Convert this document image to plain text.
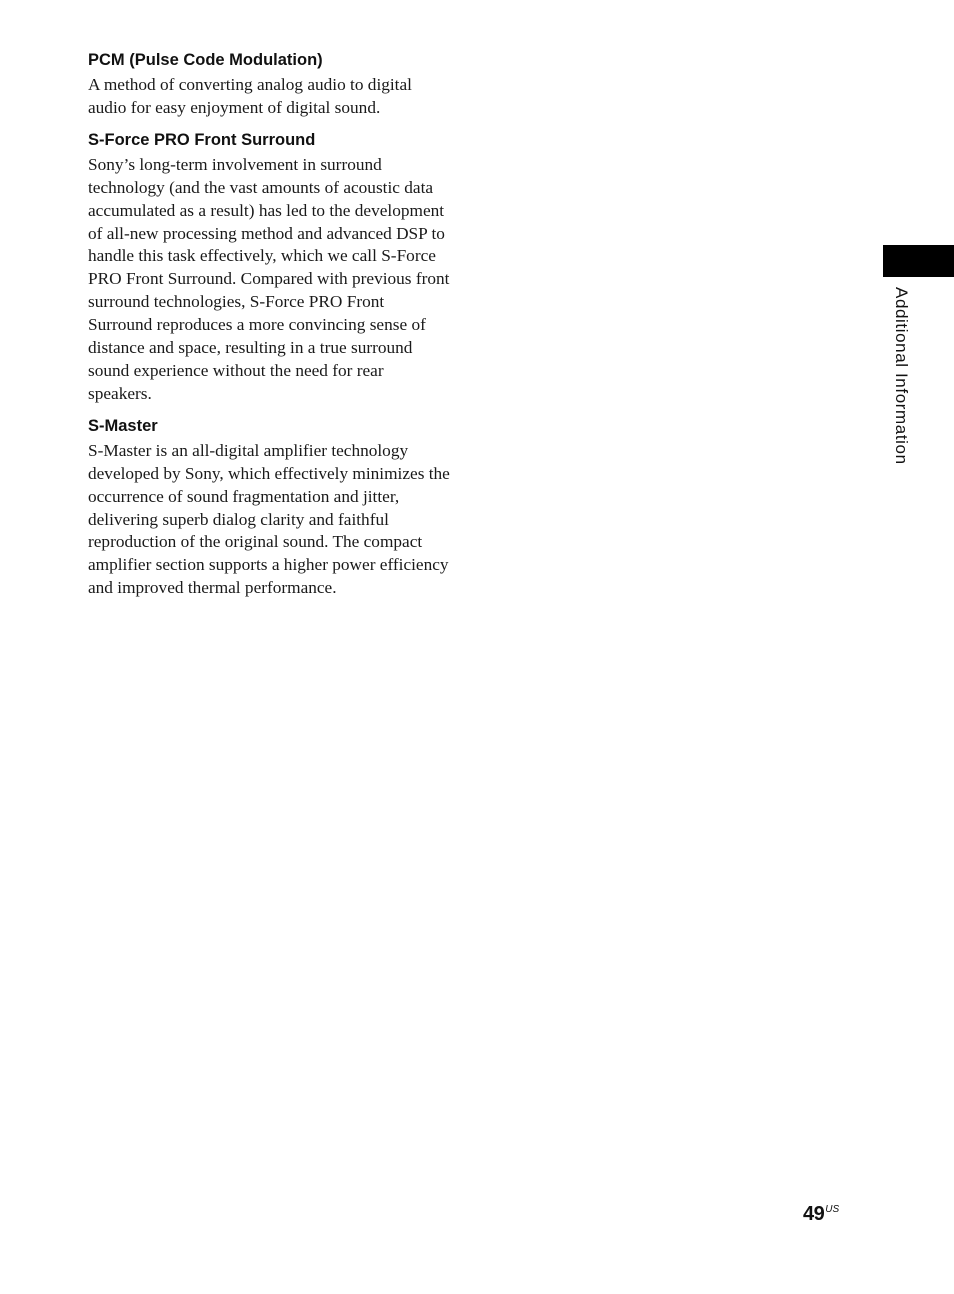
PCM (Pulse Code Modulation)

A method of converting analog audio to digital audio for easy enjoyment of digital sound.

S-Force PRO Front Surround

Sony’s long-term involvement in surround technology (and the vast amounts of acoustic data accumulated as a result) has led to the development of all-new processing method and advanced DSP to handle this task effectively, which we call S-Force PRO Front Surround. Compared with previous front surround technologies, S-Force PRO Front Surround reproduces a more convincing sense of distance and space, resulting in a true surround sound experience without the need for rear speakers.

S-Master

S-Master is an all-digital amplifier technology developed by Sony, which effectively minimizes the occurrence of sound fragmentation and jitter, delivering superb dialog clarity and faithful reproduction of the original sound. The compact amplifier section supports a higher power efficiency and improved thermal performance.

Additional Information
$49^{US}$
